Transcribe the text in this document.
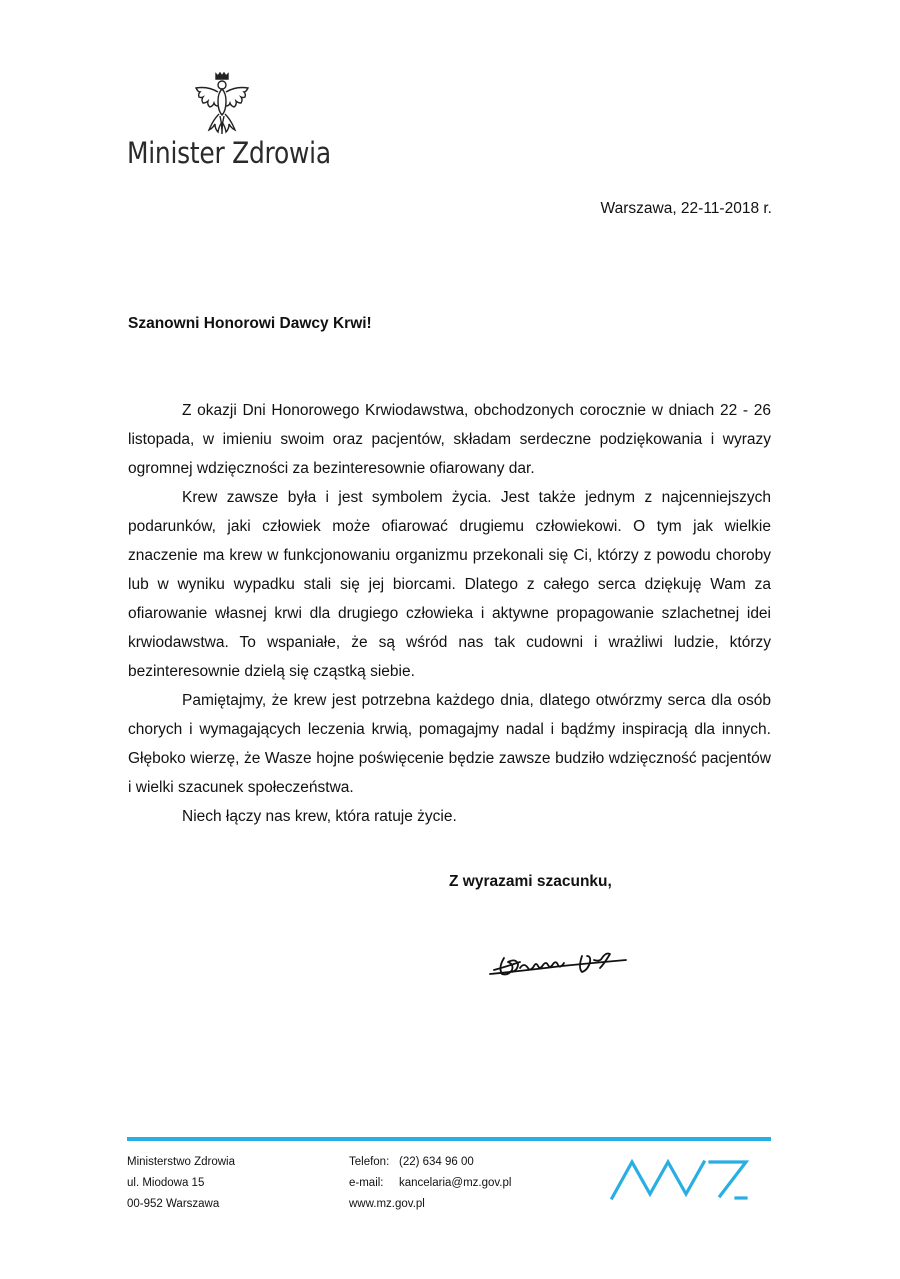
Minister Zdrowia
Warszawa, 22-11-2018 r.
Szanowni Honorowi Dawcy Krwi!

Z okazji Dni Honorowego Krwiodawstwa, obchodzonych corocznie w dniach 22 - 26 listopada, w imieniu swoim oraz pacjentów, składam serdeczne podziękowania i wyrazy ogromnej wdzięczności za bezinteresownie ofiarowany dar.

Krew zawsze była i jest symbolem życia. Jest także jednym z najcenniejszych podarunków, jaki człowiek może ofiarować drugiemu człowiekowi. O tym jak wielkie znaczenie ma krew w funkcjonowaniu organizmu przekonali się Ci, którzy z powodu choroby lub w wyniku wypadku stali się jej biorcami. Dlatego z całego serca dziękuję Wam za ofiarowanie własnej krwi dla drugiego człowieka i aktywne propagowanie szlachetnej idei krwiodawstwa. To wspaniałe, że są wśród nas tak cudowni i wrażliwi ludzie, którzy bezinteresownie dzielą się cząstką siebie.

Pamiętajmy, że krew jest potrzebna każdego dnia, dlatego otwórzmy serca dla osób chorych i wymagających leczenia krwią, pomagajmy nadal i bądźmy inspiracją dla innych. Głęboko wierzę, że Wasze hojne poświęcenie będzie zawsze budziło wdzięczność pacjentów i wielki szacunek społeczeństwa.

Niech łączy nas krew, która ratuje życie.

Z wyrazami szacunku,
Ministerstwo Zdrowia
ul. Miodowa 15
00-952 Warszawa
Telefon: (22) 634 96 00
e-mail: kancelaria@mz.gov.pl
www.mz.gov.pl
